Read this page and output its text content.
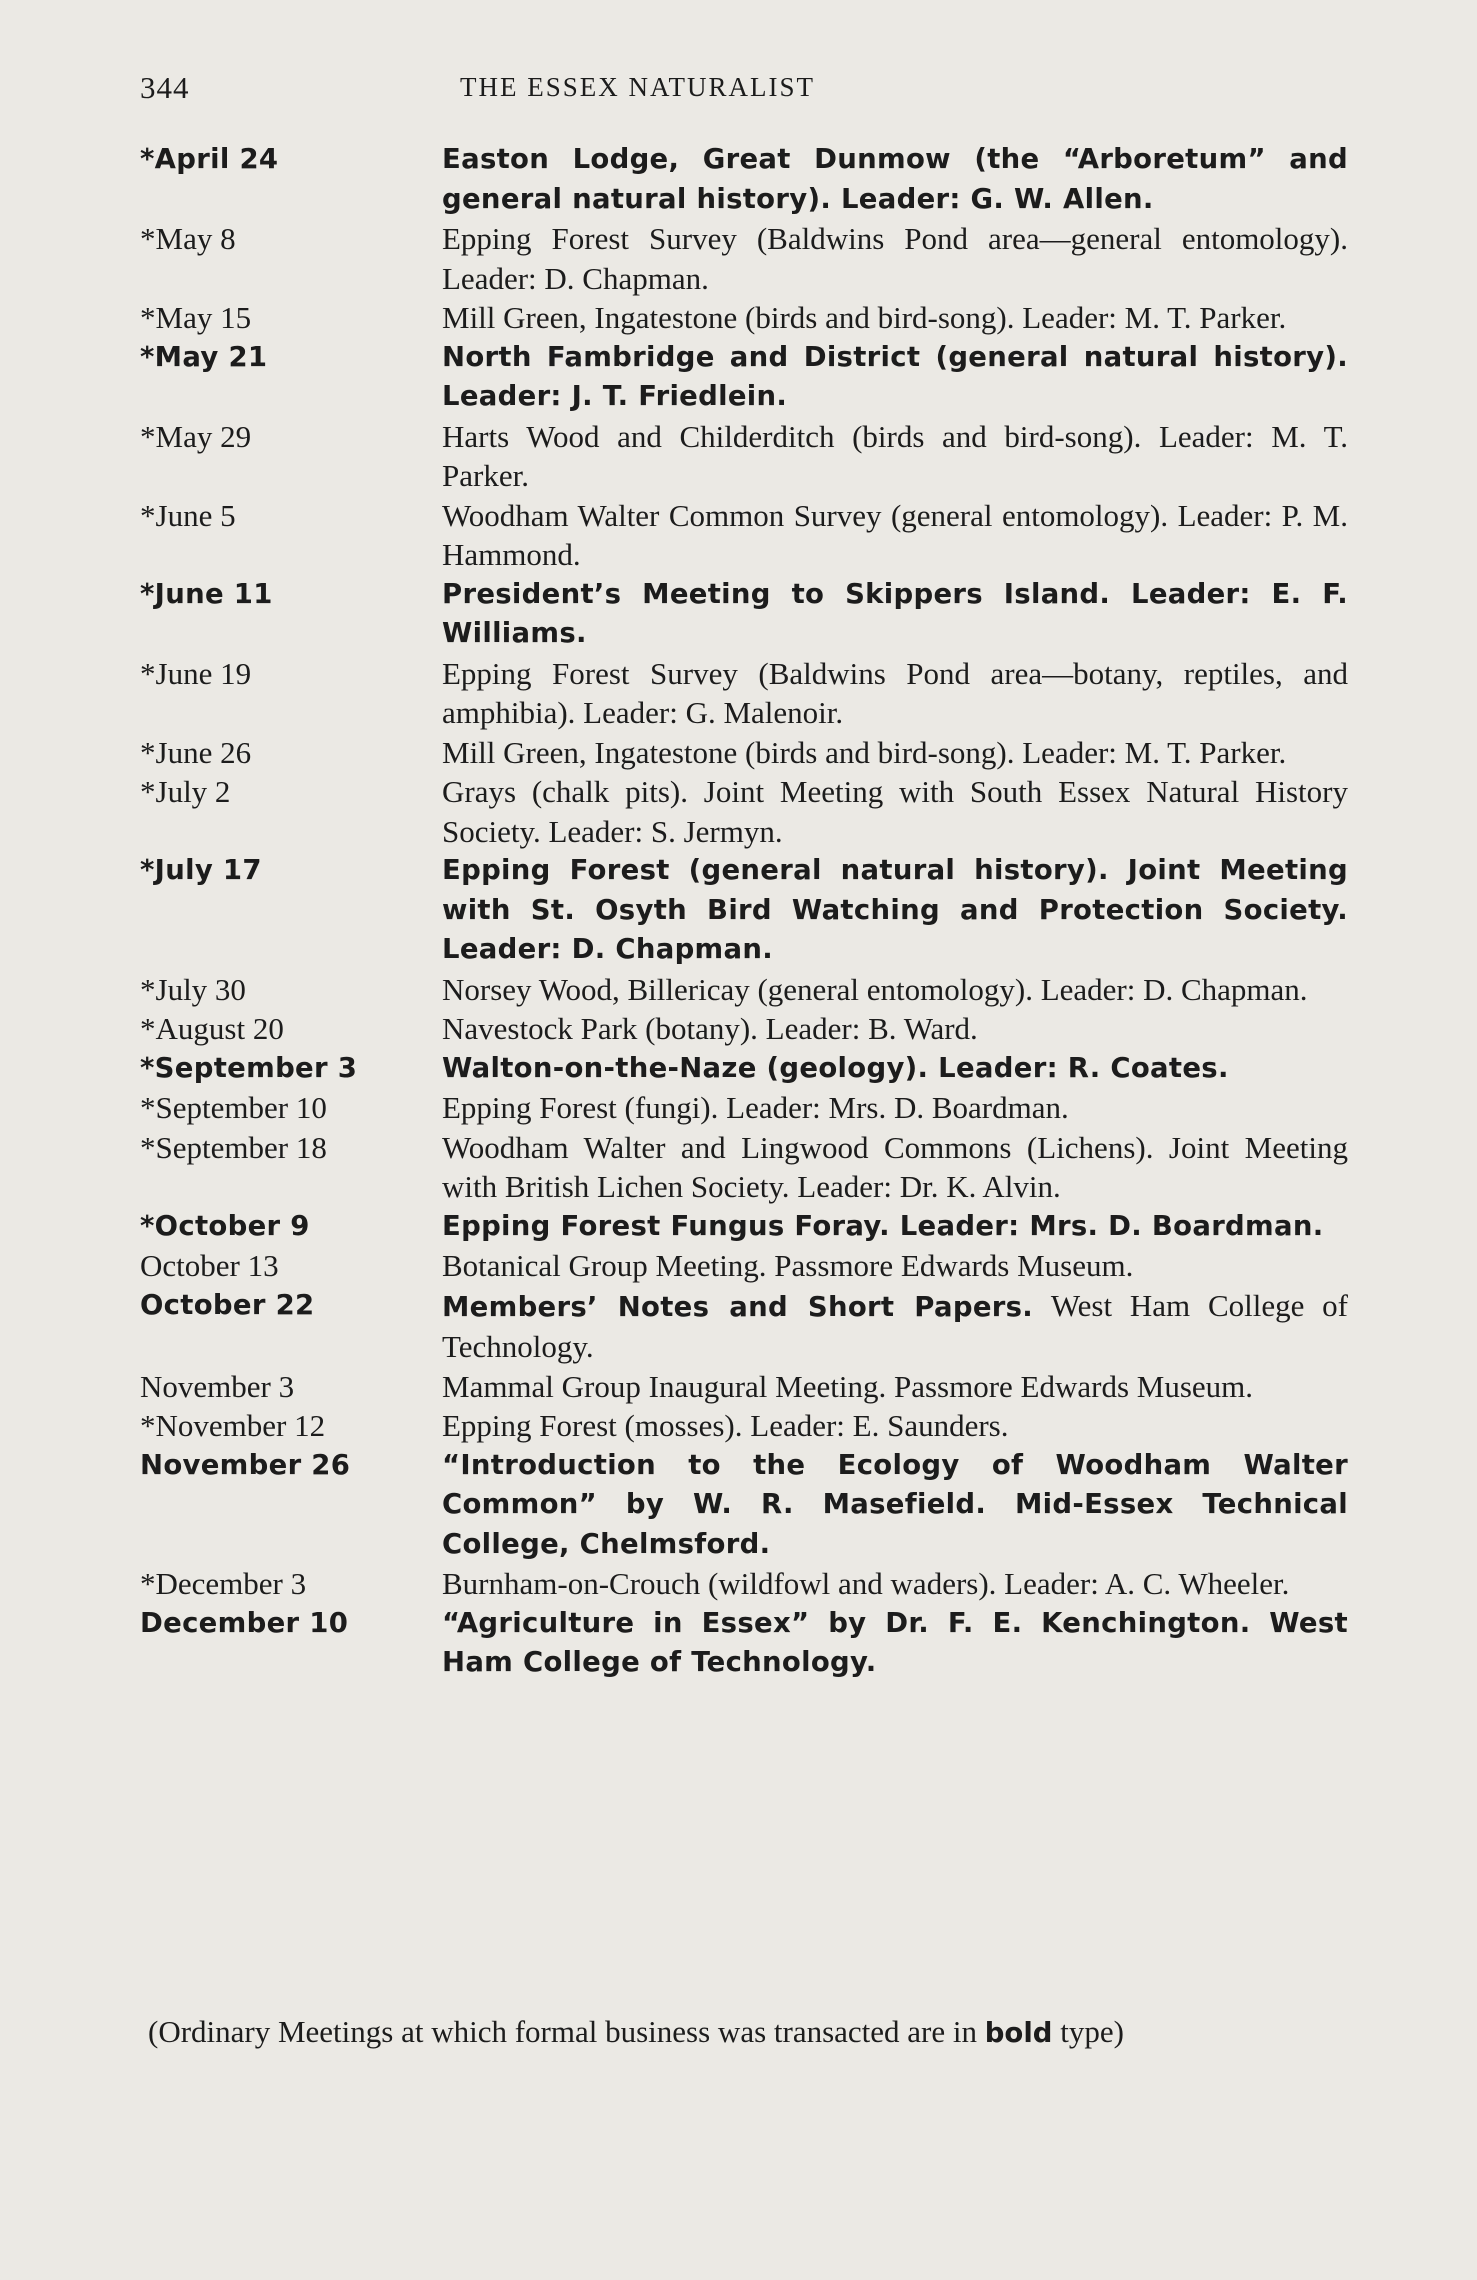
344	THE ESSEX NATURALIST
*April 24	Easton Lodge, Great Dunmow (the “Arboretum” and general natural history). Leader: G. W. Allen.
*May 8	Epping Forest Survey (Baldwins Pond area—general entomology). Leader: D. Chapman.
*May 15	Mill Green, Ingatestone (birds and bird-song). Leader: M. T. Parker.
*May 21	North Fambridge and District (general natural history). Leader: J. T. Friedlein.
*May 29	Harts Wood and Childerditch (birds and bird-song). Leader: M. T. Parker.
*June 5	Woodham Walter Common Survey (general entomology). Leader: P. M. Hammond.
*June 11	President’s Meeting to Skippers Island. Leader: E. F. Williams.
*June 19	Epping Forest Survey (Baldwins Pond area—botany, reptiles, and amphibia). Leader: G. Malenoir.
*June 26	Mill Green, Ingatestone (birds and bird-song). Leader: M. T. Parker.
*July 2	Grays (chalk pits). Joint Meeting with South Essex Natural History Society. Leader: S. Jermyn.
*July 17	Epping Forest (general natural history). Joint Meeting with St. Osyth Bird Watching and Protection Society. Leader: D. Chapman.
*July 30	Norsey Wood, Billericay (general entomology). Leader: D. Chapman.
*August 20	Navestock Park (botany). Leader: B. Ward.
*September 3	Walton-on-the-Naze (geology). Leader: R. Coates.
*September 10	Epping Forest (fungi). Leader: Mrs. D. Boardman.
*September 18	Woodham Walter and Lingwood Commons (Lichens). Joint Meeting with British Lichen Society. Leader: Dr. K. Alvin.
*October 9	Epping Forest Fungus Foray. Leader: Mrs. D. Boardman.
October 13	Botanical Group Meeting. Passmore Edwards Museum.
October 22	Members’ Notes and Short Papers. West Ham College of Technology.
November 3	Mammal Group Inaugural Meeting. Passmore Edwards Museum.
*November 12	Epping Forest (mosses). Leader: E. Saunders.
November 26	“Introduction to the Ecology of Woodham Walter Common” by W. R. Masefield. Mid-Essex Technical College, Chelmsford.
*December 3	Burnham-on-Crouch (wildfowl and waders). Leader: A. C. Wheeler.
December 10	“Agriculture in Essex” by Dr. F. E. Kenchington. West Ham College of Technology.
(Ordinary Meetings at which formal business was transacted are in bold type)
